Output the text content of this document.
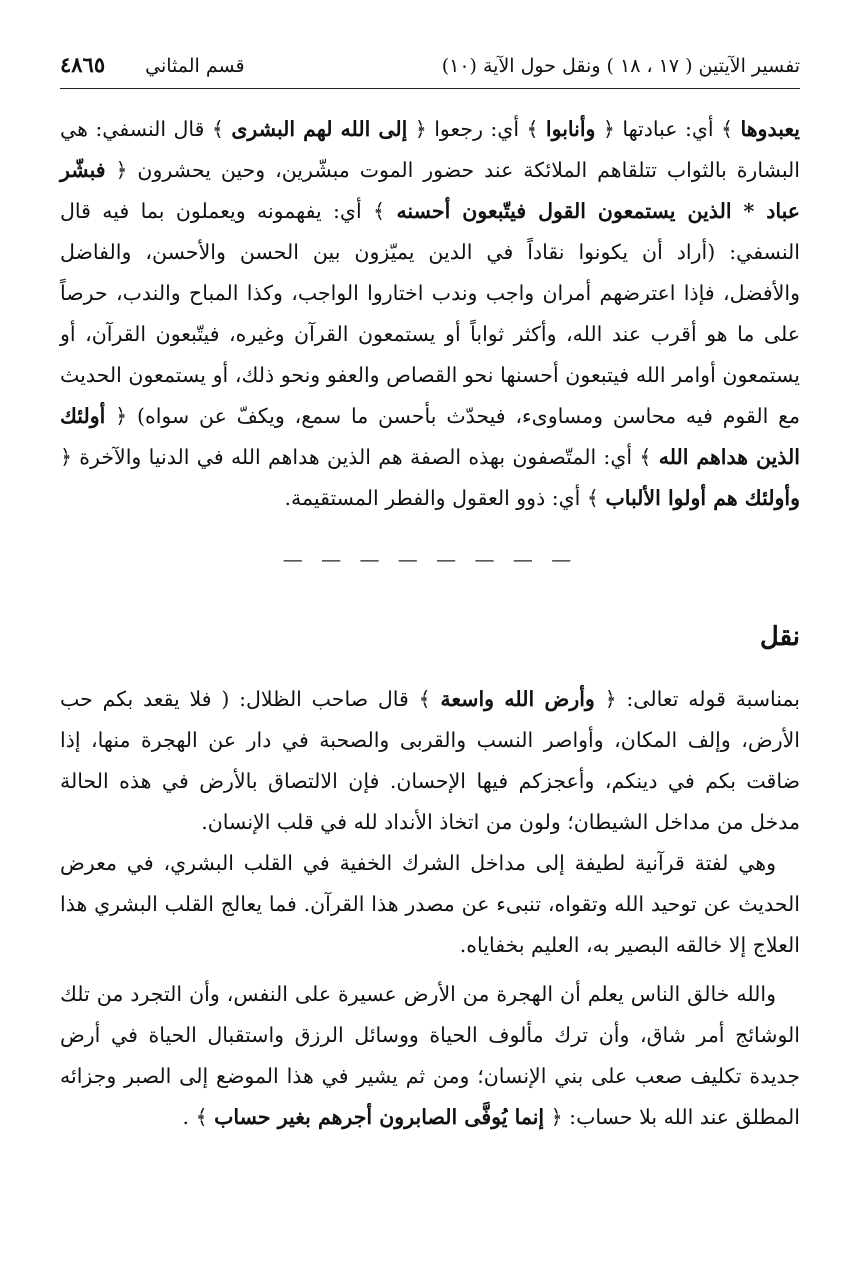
تفسير الآيتين ( ١٧ ، ١٨ ) ونقل حول الآية (١٠)
قسم المثاني
٤٨٦٥

يعبدوها ﴾ أي: عبادتها ﴿ وأنابوا ﴾ أي: رجعوا ﴿ إلى الله لهم البشرى ﴾ قال النسفي: هي البشارة بالثواب تتلقاهم الملائكة عند حضور الموت مبشّرين، وحين يحشرون ﴿ فبشّر عباد * الذين يستمعون القول فيتّبعون أحسنه ﴾ أي: يفهمونه ويعملون بما فيه قال النسفي: (أراد أن يكونوا نقاداً في الدين يميّزون بين الحسن والأحسن، والفاضل والأفضل، فإذا اعترضهم أمران واجب وندب اختاروا الواجب، وكذا المباح والندب، حرصاً على ما هو أقرب عند الله، وأكثر ثواباً أو يستمعون القرآن وغيره، فيتّبعون القرآن، أو يستمعون أوامر الله فيتبعون أحسنها نحو القصاص والعفو ونحو ذلك، أو يستمعون الحديث مع القوم فيه محاسن ومساوىء، فيحدّث بأحسن ما سمع، ويكفّ عن سواه) ﴿ أولئك الذين هداهم الله ﴾ أي: المتّصفون بهذه الصفة هم الذين هداهم الله في الدنيا والآخرة ﴿ وأولئك هم أولوا الألباب ﴾ أي: ذوو العقول والفطر المستقيمة.

— — — — — — — —
نقل

بمناسبة قوله تعالى: ﴿ وأرض الله واسعة ﴾ قال صاحب الظلال: ( فلا يقعد بكم حب الأرض، وإلف المكان، وأواصر النسب والقربى والصحبة في دار عن الهجرة منها، إذا ضاقت بكم في دينكم، وأعجزكم فيها الإحسان. فإن الالتصاق بالأرض في هذه الحالة مدخل من مداخل الشيطان؛ ولون من اتخاذ الأنداد لله في قلب الإنسان.

وهي لفتة قرآنية لطيفة إلى مداخل الشرك الخفية في القلب البشري، في معرض الحديث عن توحيد الله وتقواه، تنبىء عن مصدر هذا القرآن. فما يعالج القلب البشري هذا العلاج إلا خالقه البصير به، العليم بخفاياه.

والله خالق الناس يعلم أن الهجرة من الأرض عسيرة على النفس، وأن التجرد من تلك الوشائج أمر شاق، وأن ترك مألوف الحياة ووسائل الرزق واستقبال الحياة في أرض جديدة تكليف صعب على بني الإنسان؛ ومن ثم يشير في هذا الموضع إلى الصبر وجزائه المطلق عند الله بلا حساب: ﴿ إنما يُوفَّى الصابرون أجرهم بغير حساب ﴾ .
